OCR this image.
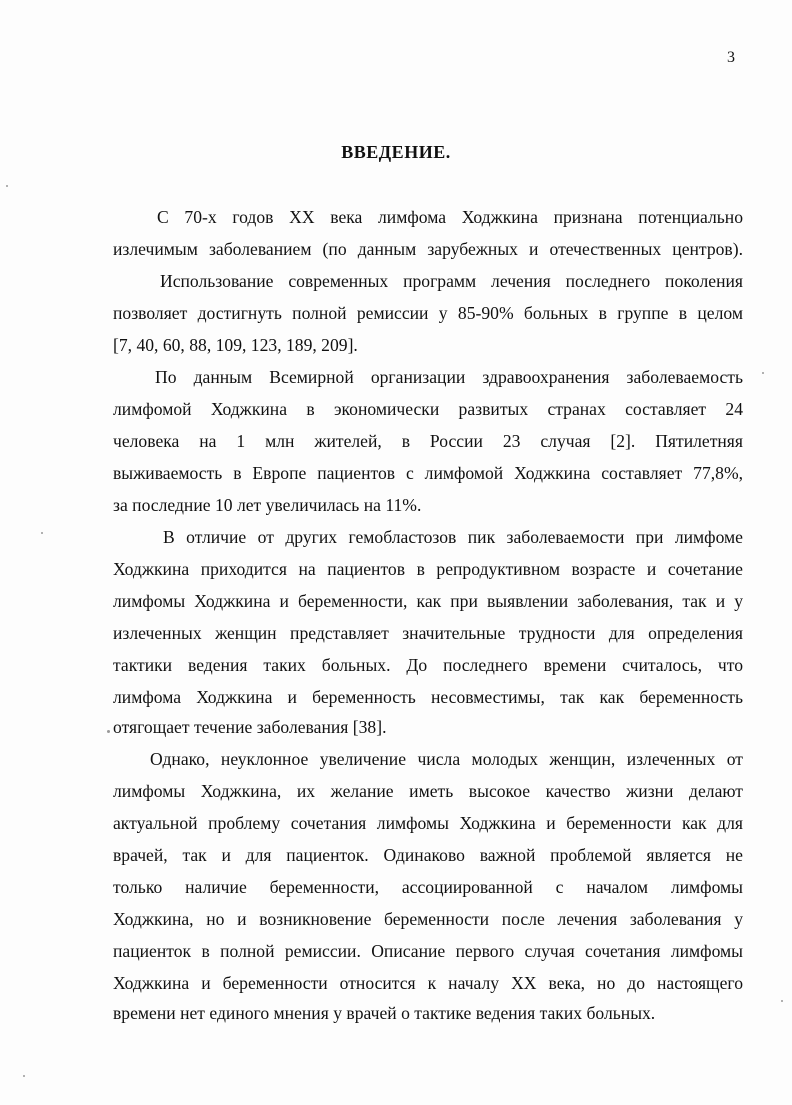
3
ВВЕДЕНИЕ.
С 70-х годов XX века лимфома Ходжкина признана потенциально
излечимым заболеванием (по данным зарубежных и отечественных центров).
Использование современных программ лечения последнего поколения
позволяет достигнуть полной ремиссии у 85-90% больных в группе в целом
[7, 40, 60, 88, 109, 123, 189, 209].
По данным Всемирной организации здравоохранения заболеваемость
лимфомой Ходжкина в экономически развитых странах составляет 24
человека на 1 млн жителей, в России 23 случая [2]. Пятилетняя
выживаемость в Европе пациентов с лимфомой Ходжкина составляет 77,8%,
за последние 10 лет увеличилась на 11%.
В отличие от других гемобластозов пик заболеваемости при лимфоме
Ходжкина приходится на пациентов в репродуктивном возрасте и сочетание
лимфомы Ходжкина и беременности, как при выявлении заболевания, так и у
излеченных женщин представляет значительные трудности для определения
тактики ведения таких больных. До последнего времени считалось, что
лимфома Ходжкина и беременность несовместимы, так как беременность
отягощает течение заболевания [38].
Однако, неуклонное увеличение числа молодых женщин, излеченных от
лимфомы Ходжкина, их желание иметь высокое качество жизни делают
актуальной проблему сочетания лимфомы Ходжкина и беременности как для
врачей, так и для пациенток. Одинаково важной проблемой является не
только наличие беременности, ассоциированной с началом лимфомы
Ходжкина, но и возникновение беременности после лечения заболевания у
пациенток в полной ремиссии. Описание первого случая сочетания лимфомы
Ходжкина и беременности относится к началу XX века, но до настоящего
времени нет единого мнения у врачей о тактике ведения таких больных.
